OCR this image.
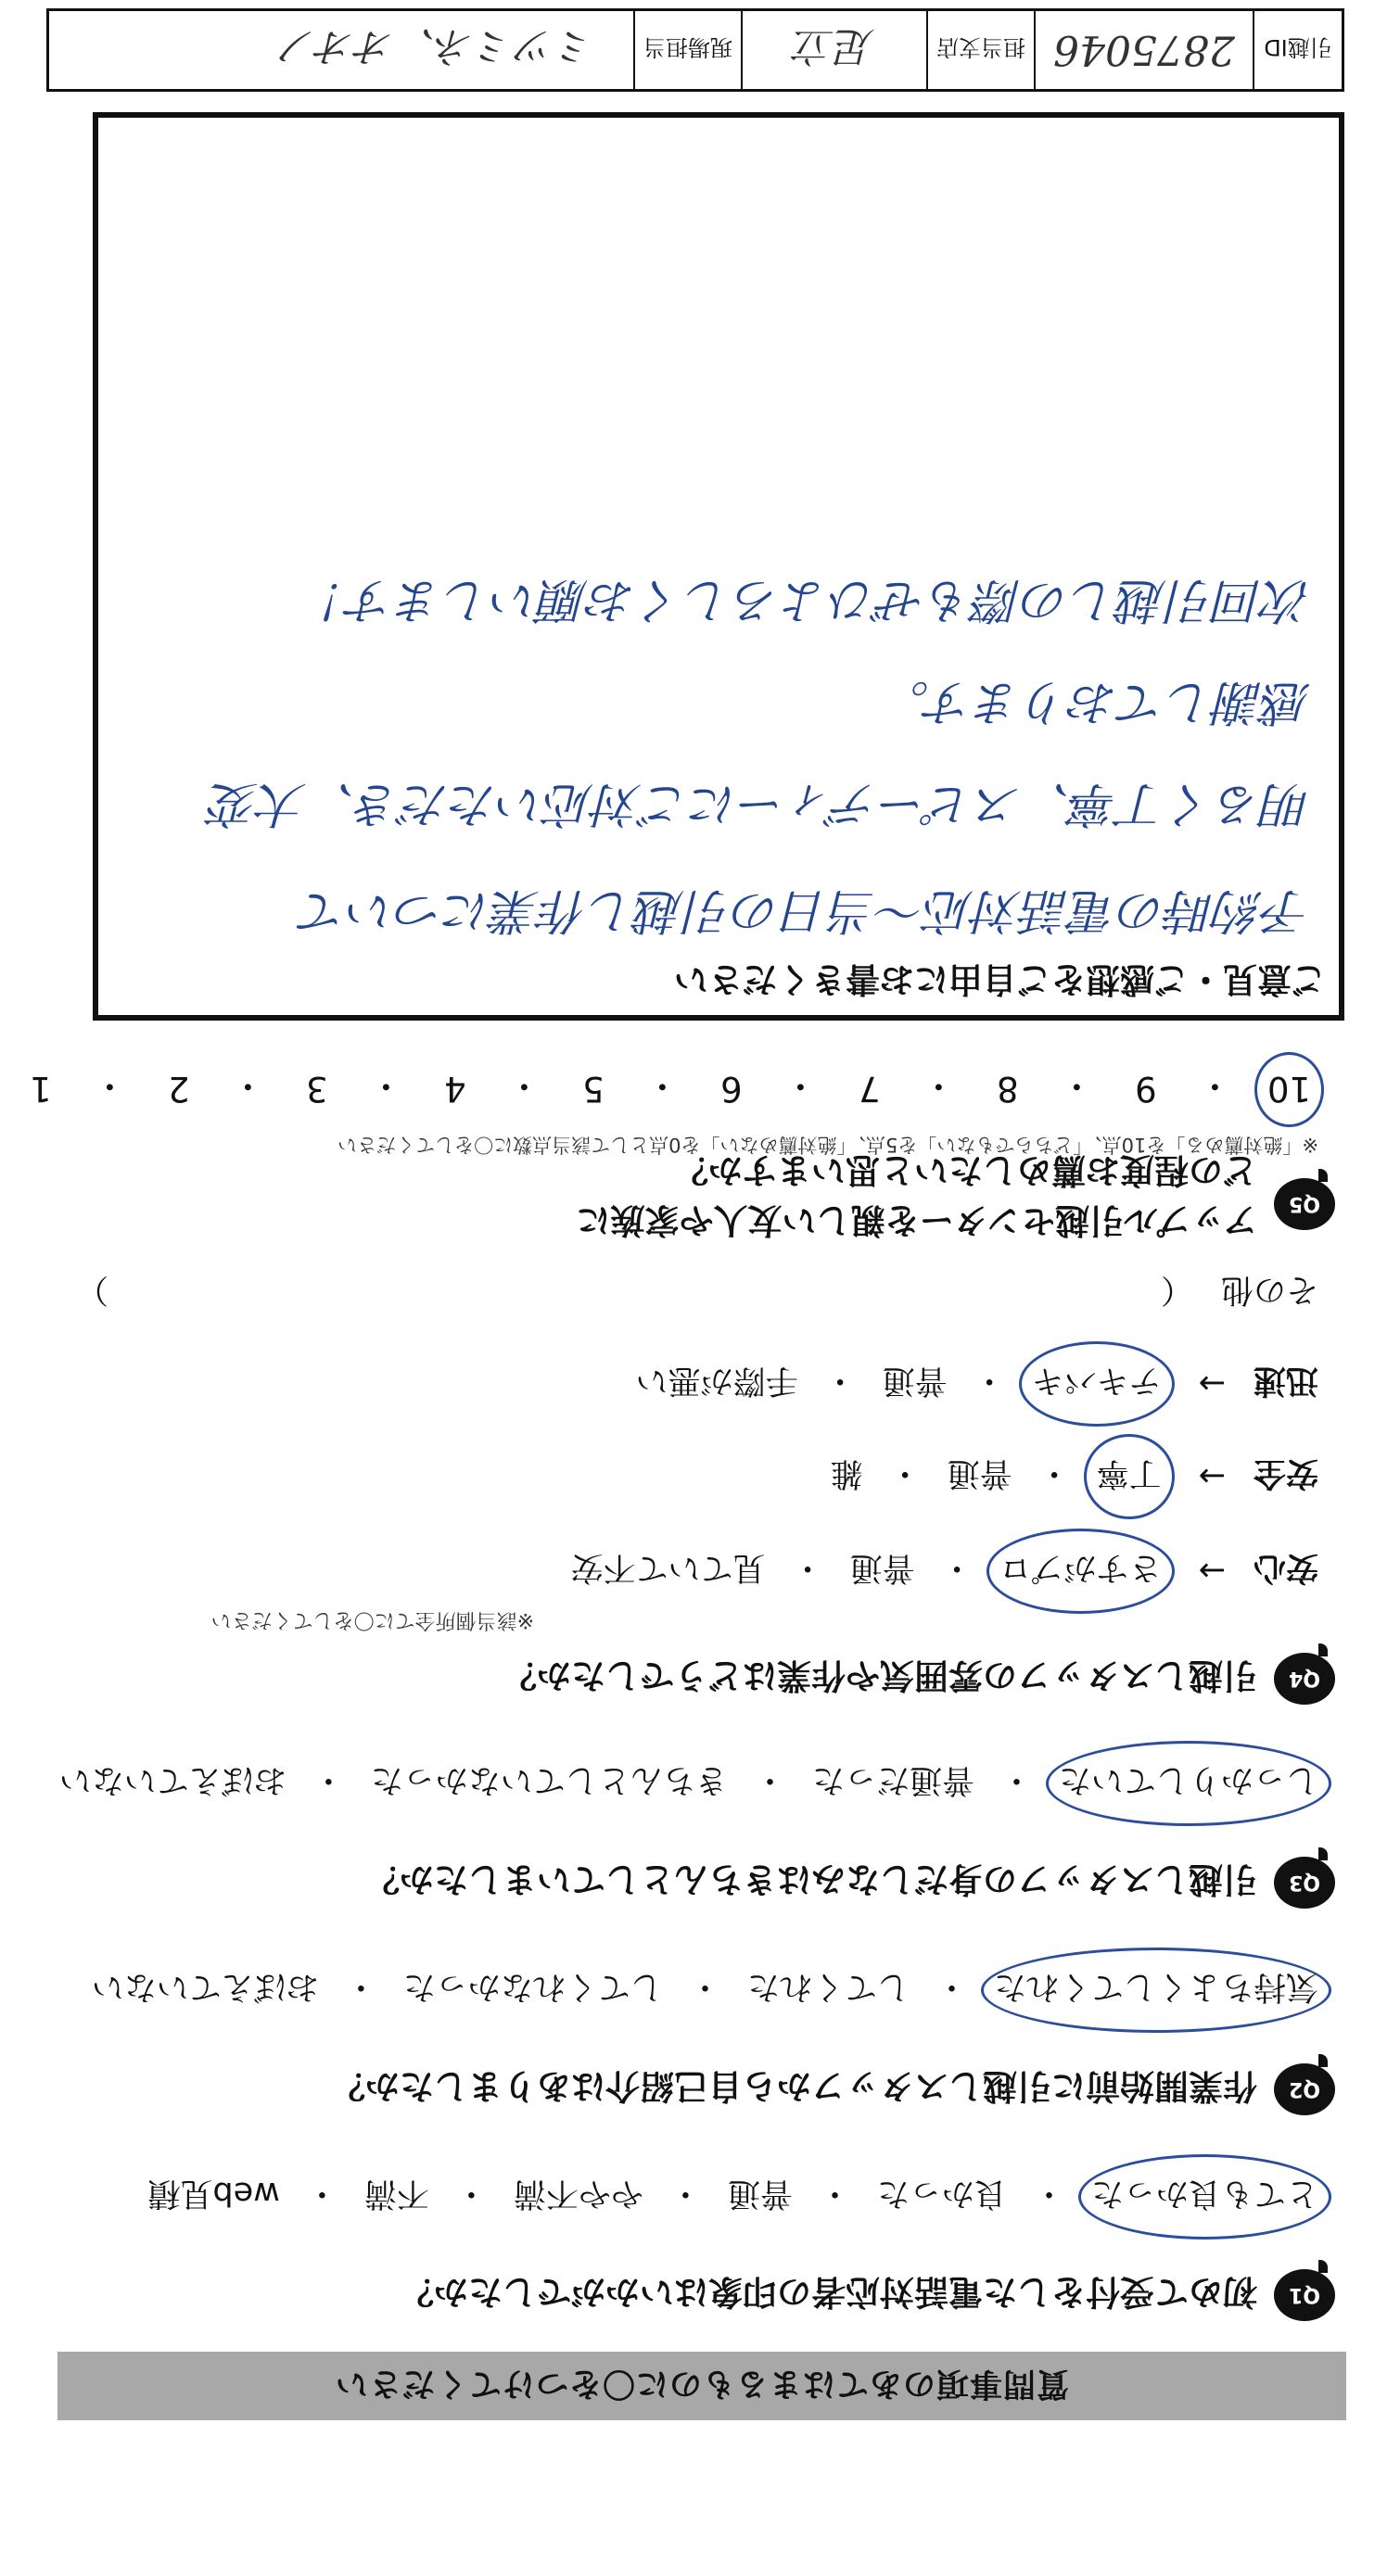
質問事項のあてはまるものに〇をつけてください
Q1
初めて受付をした電話対応者の印象はいかがでしたか？
とても良かった
・
良かった
・
普通
・
やや不満
・
不満
・
web見積
Q2
作業開始前に引越しスタッフから自己紹介はありましたか？
気持ちよくしてくれた
・
してくれた
・
してくれなかった
・
おぼえていない
Q3
引越しスタッフの身だしなみはきちんとしていましたか？
しっかりしていた
・
普通だった
・
きちんとしていなかった
・
おぼえていない
Q4
引越しスタッフの雰囲気や作業はどうでしたか？
※該当個所全てに〇をしてください
安心
→
さすがプロ
・
普通
・
見ていて不安
安全
→
丁寧
・
普通
・
雑
迅速
→
テキパキ
・
普通
・
手際が悪い
その他
（
）
Q5
アップル引越センターを親しい友人や家族に
どの程度お薦めしたいと思いますか？
※「絶対薦める」を10点、「どちらでもない」を5点、「絶対薦めない」を0点として該当点数に〇をしてください
10
・
9
・
8
・
7
・
6
・
5
・
4
・
3
・
2
・
1
ご意見・ご感想をご自由にお書きください
予約時の電話対応～当日の引越し作業について
明るく丁寧、スピーディーにご対応いただき、大変
感謝しております。
次回引越しの際もぜひよろしくお願いします！
引越ID
2875046
担当支店
足立
現場担当
ミツミネ、オオノ
